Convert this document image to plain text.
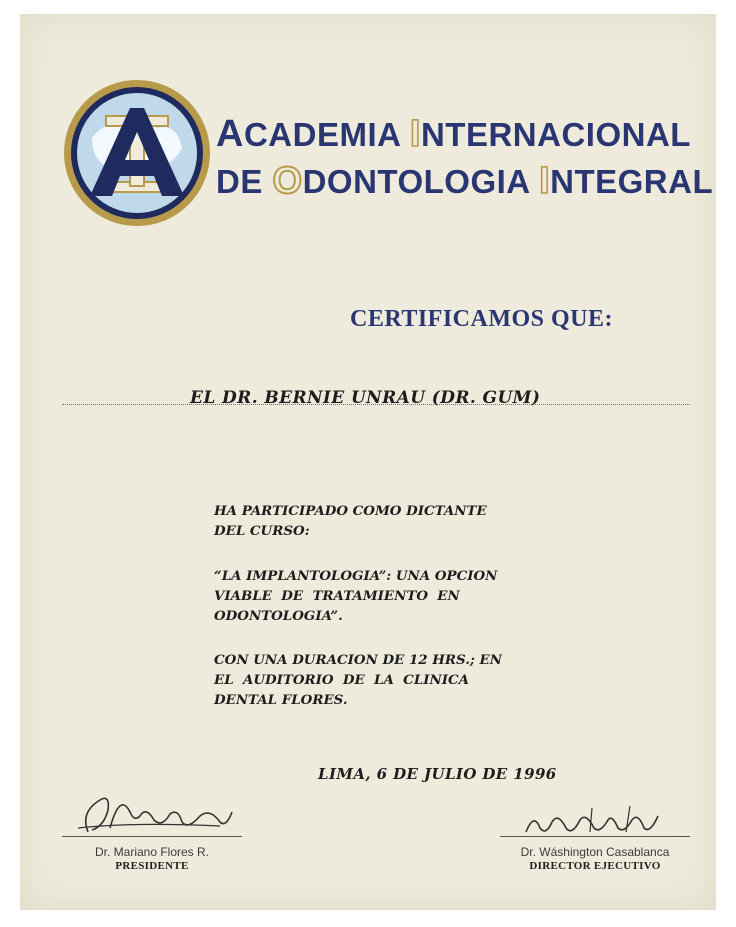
ACADEMIA INTERNACIONAL
DE ODONTOLOGIA INTEGRAL
CERTIFICAMOS QUE:
EL DR. BERNIE UNRAU (DR. GUM)
HA PARTICIPADO COMO DICTANTE
DEL CURSO:
“LA IMPLANTOLOGIA”: UNA OPCION
VIABLE  DE  TRATAMIENTO  EN
ODONTOLOGIA”.
CON UNA DURACION DE 12 HRS.; EN
EL  AUDITORIO  DE  LA  CLINICA
DENTAL FLORES.
LIMA, 6 DE JULIO DE 1996
Dr. Mariano Flores R.
PRESIDENTE
Dr. Wáshington Casablanca
DIRECTOR EJECUTIVO
